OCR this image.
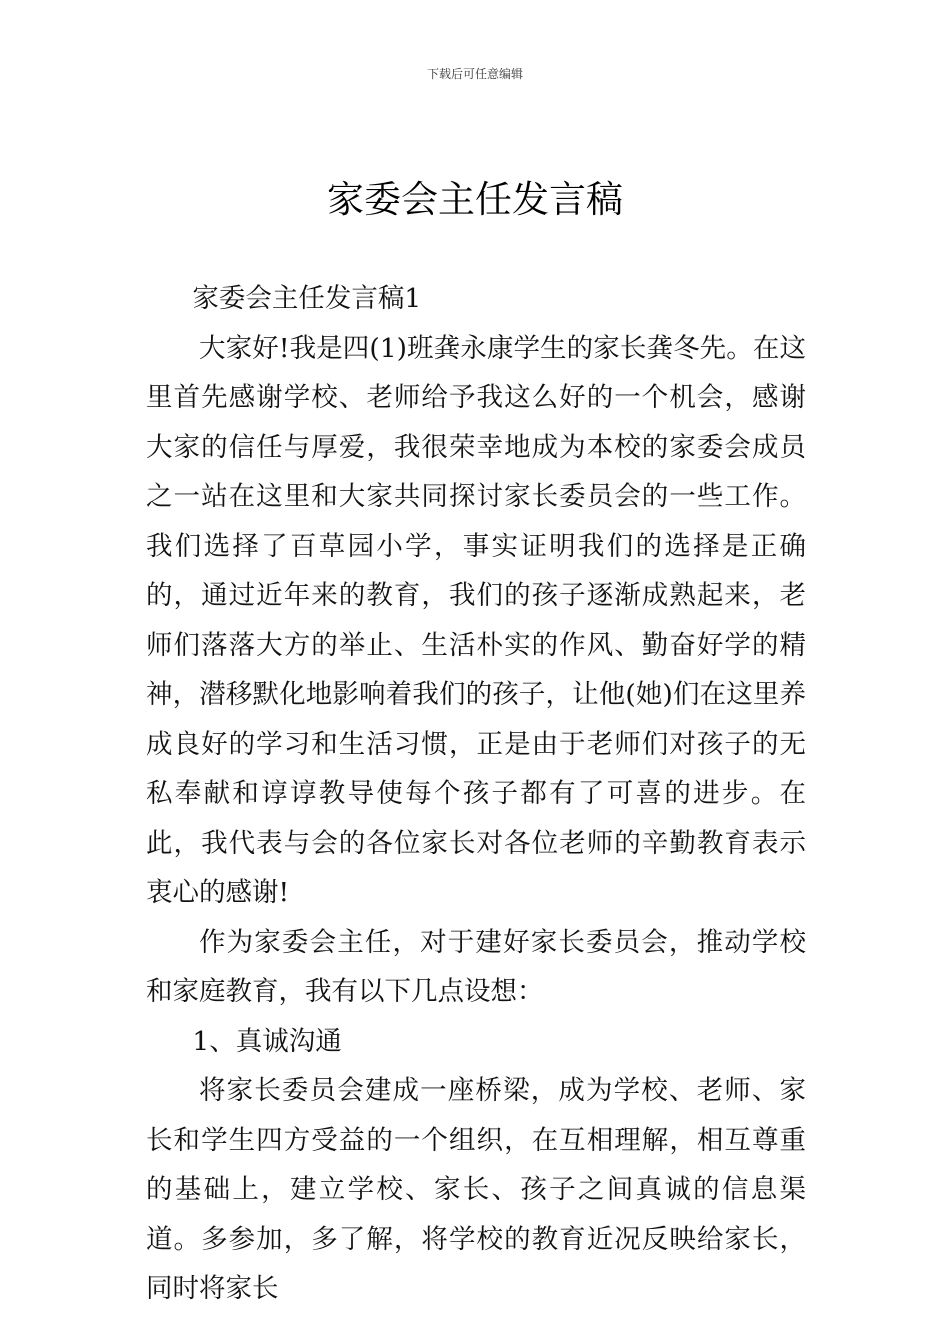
下载后可任意编辑
家委会主任发言稿

家委会主任发言稿1

大家好!我是四(1)班龚永康学生的家长龚冬先。在这里首先感谢学校、老师给予我这么好的一个机会，感谢大家的信任与厚爱，我很荣幸地成为本校的家委会成员之一站在这里和大家共同探讨家长委员会的一些工作。我们选择了百草园小学，事实证明我们的选择是正确的，通过近年来的教育，我们的孩子逐渐成熟起来，老师们落落大方的举止、生活朴实的作风、勤奋好学的精神，潜移默化地影响着我们的孩子，让他(她)们在这里养成良好的学习和生活习惯，正是由于老师们对孩子的无私奉献和谆谆教导使每个孩子都有了可喜的进步。在此，我代表与会的各位家长对各位老师的辛勤教育表示衷心的感谢!

作为家委会主任，对于建好家长委员会，推动学校和家庭教育，我有以下几点设想：

1、真诚沟通

将家长委员会建成一座桥梁，成为学校、老师、家长和学生四方受益的一个组织，在互相理解，相互尊重的基础上，建立学校、家长、孩子之间真诚的信息渠道。多参加，多了解，将学校的教育近况反映给家长，同时将家长
